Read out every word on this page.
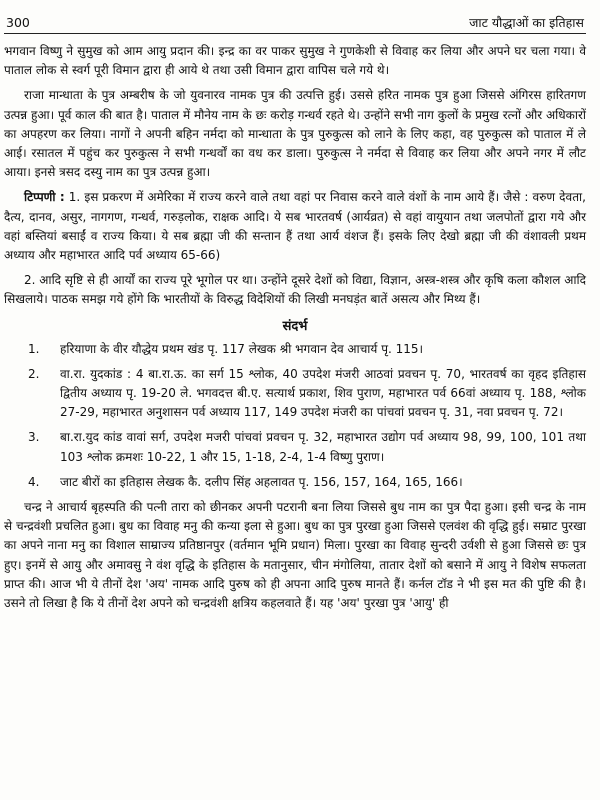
300	जाट यौद्धाओं का इतिहास

भगवान विष्णु ने सुमुख को आम आयु प्रदान की। इन्द्र का वर पाकर सुमुख ने गुणकेशी से विवाह कर लिया और अपने घर चला गया। वे पाताल लोक से स्वर्ग पूरी विमान द्वारा ही आये थे तथा उसी विमान द्वारा वापिस चले गये थे।

राजा मान्धाता के पुत्र अम्बरीष के जो युवनारव नामक पुत्र की उत्पत्ति हुई। उससे हरित नामक पुत्र हुआ जिससे अंगिरस हारितगण उत्पन्न हुआ। पूर्व काल की बात है। पाताल में मौनेय नाम के छः करोड़ गन्धर्व रहते थे। उन्होंने सभी नाग कुलों के प्रमुख रत्नों और अधिकारों का अपहरण कर लिया। नागों ने अपनी बहिन नर्मदा को मान्धाता के पुत्र पुरुकुत्स को लाने के लिए कहा, वह पुरुकुत्स को पाताल में ले आई। रसातल में पहुंच कर पुरुकुत्स ने सभी गन्धर्वों का वध कर डाला। पुरुकुत्स ने नर्मदा से विवाह कर लिया और अपने नगर में लौट आया। इनसे त्रसद दस्यु नाम का पुत्र उत्पन्न हुआ।

टिप्पणी : 1. इस प्रकरण में अमेरिका में राज्य करने वाले तथा वहां पर निवास करने वाले वंशों के नाम आये हैं। जैसे : वरुण देवता, दैत्य, दानव, असुर, नागगण, गन्धर्व, गरुड़लोक, राक्षक आदि। ये सब भारतवर्ष (आर्यव्रत) से वहां वायुयान तथा जलपोतों द्वारा गये और वहां बस्तियां बसाईं व राज्य किया। ये सब ब्रह्मा जी की सन्तान हैं तथा आर्य वंशज हैं। इसके लिए देखो ब्रह्मा जी की वंशावली प्रथम अध्याय और महाभारत आदि पर्व अध्याय 65-66)

2. आदि सृष्टि से ही आर्यों का राज्य पूरे भूगोल पर था। उन्होंने दूसरे देशों को विद्या, विज्ञान, अस्त्र-शस्त्र और कृषि कला कौशल आदि सिखलाये। पाठक समझ गये होंगे कि भारतीयों के विरुद्ध विदेशियों की लिखी मनघड़ंत बातें असत्य और मिथ्य हैं।

संदर्भ
1.	हरियाणा के वीर यौद्धेय प्रथम खंड पृ. 117 लेखक श्री भगवान देव आचार्य पृ. 115।
2.	वा.रा. युदकांड : 4 बा.रा.ऊ. का सर्ग 15 श्लोक, 40 उपदेश मंजरी आठवां प्रवचन पृ. 70, भारतवर्ष का वृहद इतिहास द्वितीय अध्याय पृ. 19-20 ले. भगवदत्त बी.ए. सत्यार्थ प्रकाश, शिव पुराण, महाभारत पर्व 66वां अध्याय पृ. 188, श्लोक 27-29, महाभारत अनुशासन पर्व अध्याय 117, 149 उपदेश मंजरी का पांचवां प्रवचन पृ. 31, नवा प्रवचन पृ. 72।
3.	बा.रा.युद कांड वावां सर्ग, उपदेश मजरी पांचवां प्रवचन पृ. 32, महाभारत उद्योग पर्व अध्याय 98, 99, 100, 101 तथा 103 श्लोक क्रमशः 10-22, 1 और 15, 1-18, 2-4, 1-4 विष्णु पुराण।
4.	जाट बीरों का इतिहास लेखक कै. दलीप सिंह अहलावत पृ. 156, 157, 164, 165, 166।

चन्द्र ने आचार्य बृहस्पति की पत्नी तारा को छीनकर अपनी पटरानी बना लिया जिससे बुध नाम का पुत्र पैदा हुआ। इसी चन्द्र के नाम से चन्द्रवंशी प्रचलित हुआ। बुध का विवाह मनु की कन्या इला से हुआ। बुध का पुत्र पुरखा हुआ जिससे एलवंश की वृद्धि हुई। सम्राट पुरखा का अपने नाना मनु का विशाल साम्राज्य प्रतिष्ठानपुर (वर्तमान भूमि प्रधान) मिला। पुरखा का विवाह सुन्दरी उर्वशी से हुआ जिससे छः पुत्र हुए। इनमें से आयु और अमावसु ने वंश वृद्धि के इतिहास के मतानुसार, चीन मंगोलिया, तातार देशों को बसाने में आयु ने विशेष सफलता प्राप्त की। आज भी ये तीनों देश 'अय' नामक आदि पुरुष को ही अपना आदि पुरुष मानते हैं। कर्नल टॉड ने भी इस मत की पुष्टि की है। उसने तो लिखा है कि ये तीनों देश अपने को चन्द्रवंशी क्षत्रिय कहलवाते हैं। यह 'अय' पुरखा पुत्र 'आयु' ही
